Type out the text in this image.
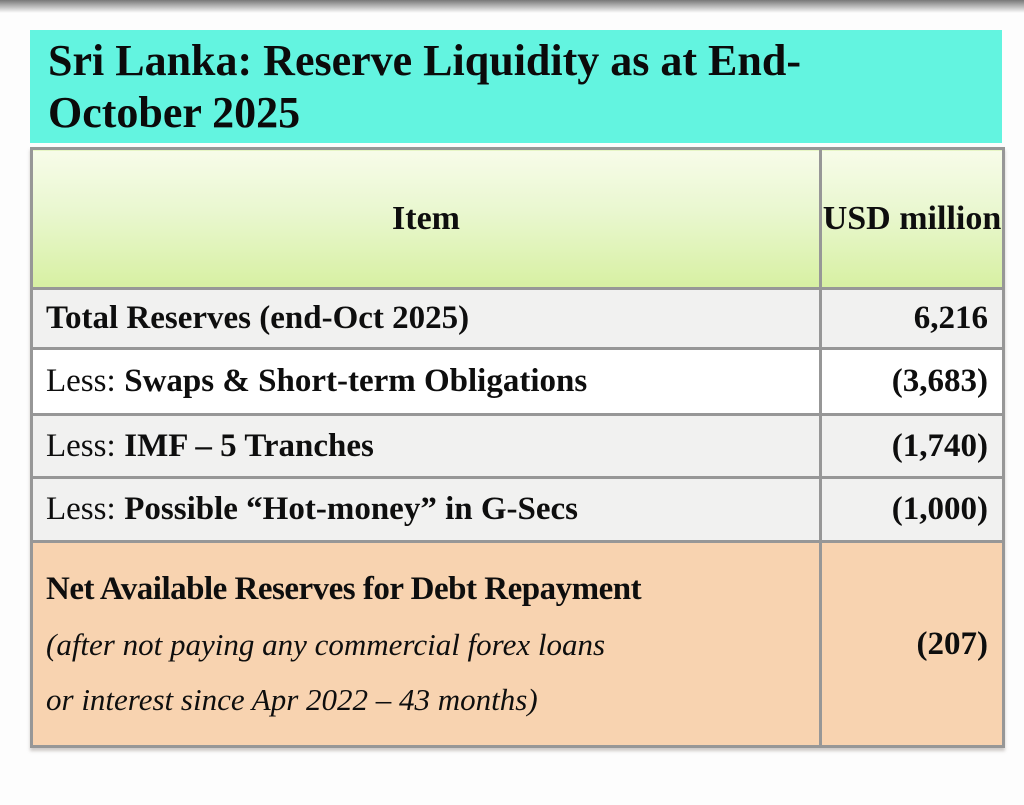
Sri Lanka: Reserve Liquidity as at End-October 2025
Item	USD million
Total Reserves (end-Oct 2025)	6,216
Less: Swaps & Short-term Obligations	(3,683)
Less: IMF – 5 Tranches	(1,740)
Less: Possible “Hot-money” in G-Secs	(1,000)

Net Available Reserves for Debt Repayment
(after not paying any commercial forex loans
or interest since Apr 2022 – 43 months)	(207)
